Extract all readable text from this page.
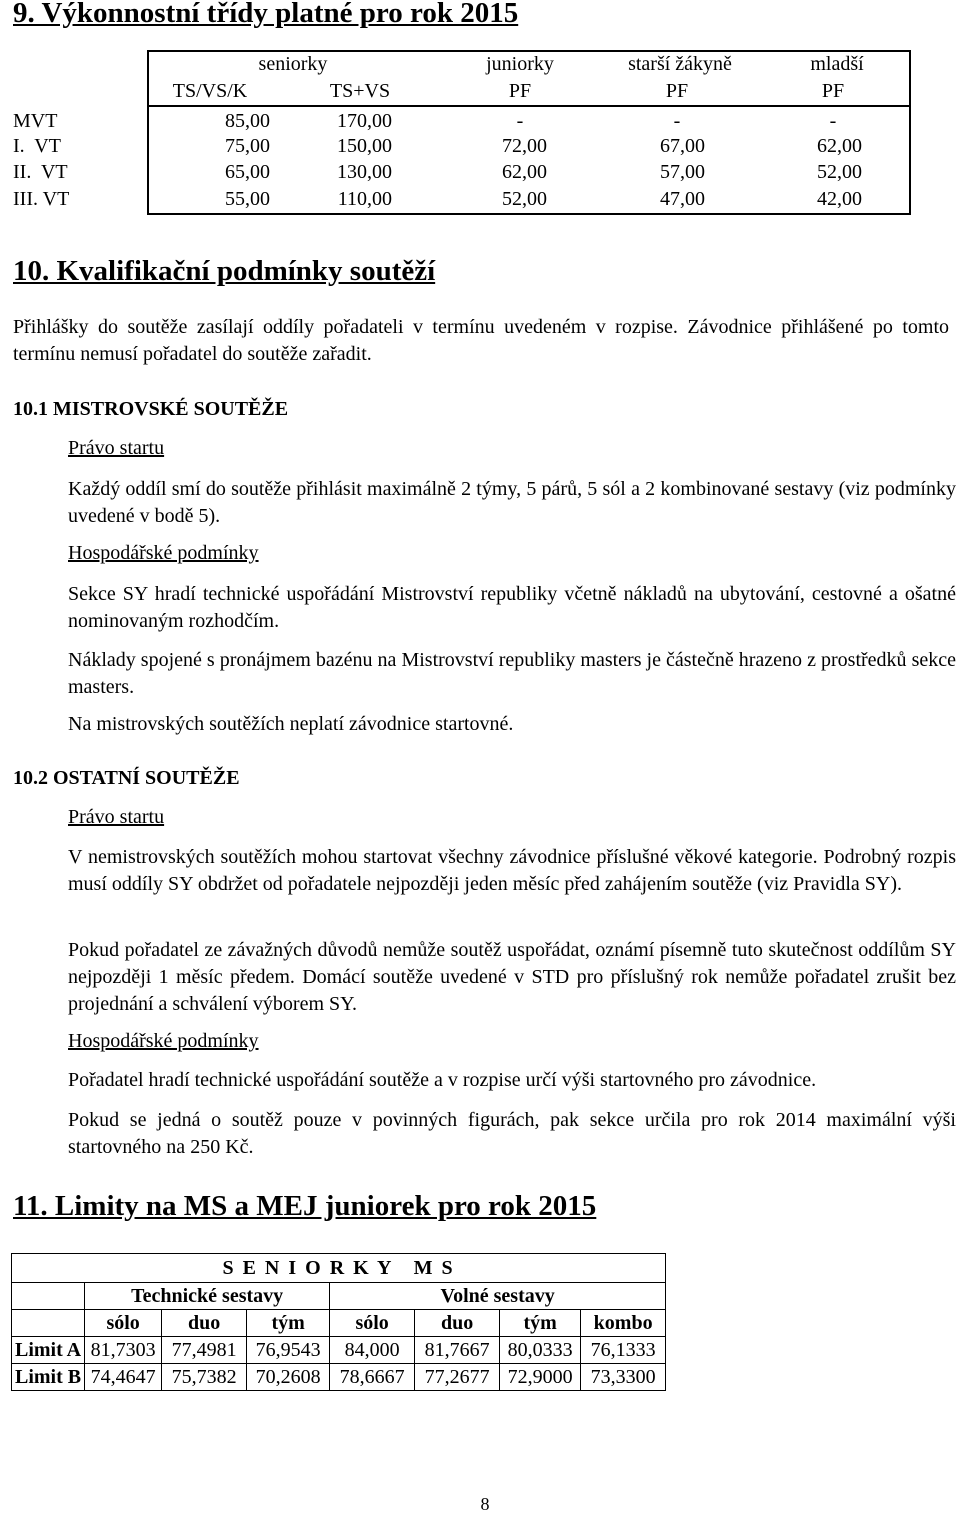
9. Výkonnostní třídy platné pro rok 2015
seniorky	juniorky	starší žákyně	mladší
TS/VS/K	TS+VS	PF	PF	PF
MVT	85,00	170,00	-	-	-
I.  VT	75,00	150,00	72,00	67,00	62,00
II.  VT	65,00	130,00	62,00	57,00	52,00
III. VT	55,00	110,00	52,00	47,00	42,00
10. Kvalifikační podmínky soutěží
Přihlášky do soutěže zasílají oddíly pořadateli v termínu uvedeném v rozpise. Závodnice přihlášené po tomto termínu nemusí pořadatel do soutěže zařadit.
10.1 MISTROVSKÉ SOUTĚŽE
Právo startu
Každý oddíl smí do soutěže přihlásit maximálně 2 týmy, 5 párů, 5 sól a 2 kombinované sestavy (viz podmínky uvedené v bodě 5).
Hospodářské podmínky
Sekce SY hradí technické uspořádání Mistrovství republiky včetně nákladů na ubytování, cestovné a ošatné nominovaným rozhodčím.
Náklady spojené s pronájmem bazénu na Mistrovství republiky masters je částečně hrazeno z prostředků sekce masters.
Na mistrovských soutěžích neplatí závodnice startovné.
10.2 OSTATNÍ SOUTĚŽE
Právo startu
V nemistrovských soutěžích mohou startovat všechny závodnice příslušné věkové kategorie. Podrobný rozpis musí oddíly SY obdržet od pořadatele nejpozději jeden měsíc před zahájením soutěže (viz Pravidla SY).
Pokud pořadatel ze závažných důvodů nemůže soutěž uspořádat, oznámí písemně tuto skutečnost oddílům SY nejpozději 1 měsíc předem. Domácí soutěže uvedené v STD pro příslušný rok nemůže pořadatel zrušit bez projednání a schválení výborem SY.
Hospodářské podmínky
Pořadatel hradí technické uspořádání soutěže a v rozpise určí výši startovného pro závodnice.
Pokud se jedná o soutěž pouze v povinných figurách, pak sekce určila pro rok 2014 maximální výši startovného na 250 Kč.
11. Limity na MS a MEJ juniorek pro rok 2015
S E N I O R K Y   M S							
	Technické sestavy			Volné sestavy			
	sólo	duo	tým	sólo	duo	tým	kombo
Limit A	81,7303	77,4981	76,9543	84,000	81,7667	80,0333	76,1333
Limit B	74,4647	75,7382	70,2608	78,6667	77,2677	72,9000	73,3300
8
